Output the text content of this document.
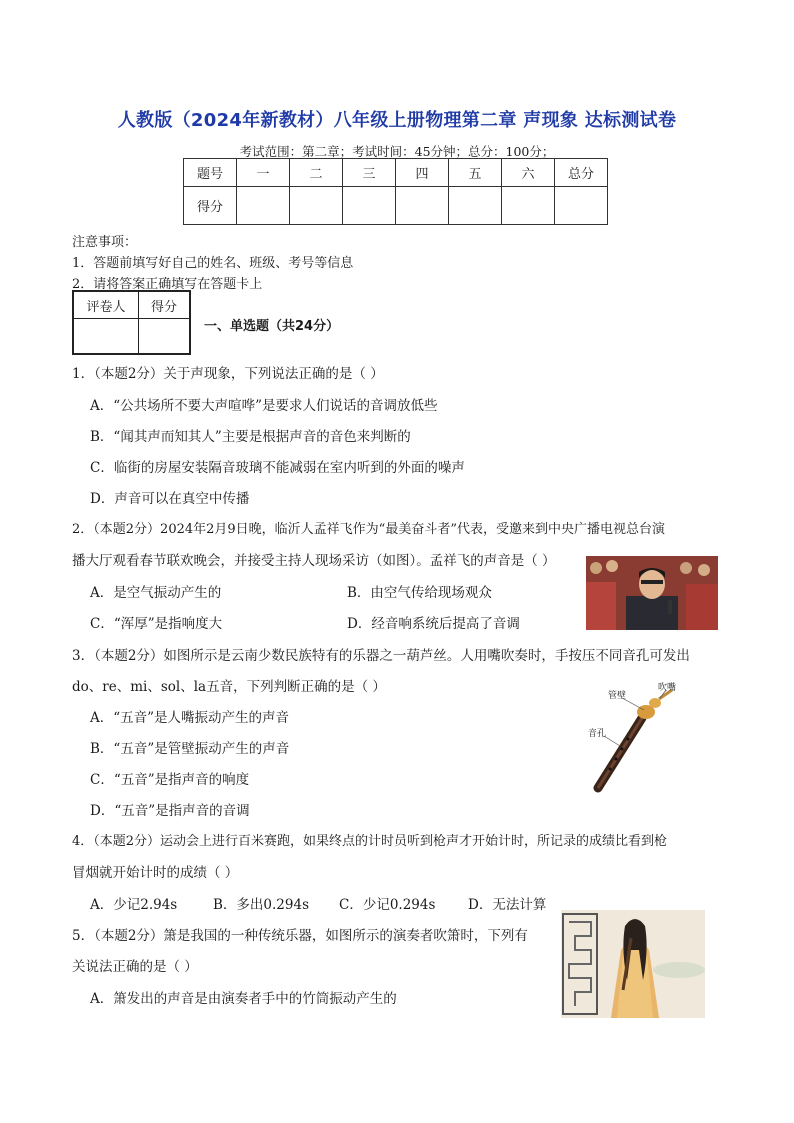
人教版（2024年新教材）八年级上册物理第二章 声现象 达标测试卷
考试范围：第二章；考试时间：45分钟；总分：100分；
题号	一	二	三	四	五	六	总分
得分							
注意事项：
1．答题前填写好自己的姓名、班级、考号等信息
2．请将答案正确填写在答题卡上
评卷人	得分

一、单选题（共24分）
1．（本题2分）关于声现象，下列说法正确的是（ ）
A．“公共场所不要大声喧哗”是要求人们说话的音调放低些
B．“闻其声而知其人”主要是根据声音的音色来判断的
C．临街的房屋安装隔音玻璃不能减弱在室内听到的外面的噪声
D．声音可以在真空中传播
2．（本题2分）2024年2月9日晚，临沂人孟祥飞作为“最美奋斗者”代表，受邀来到中央广播电视总台演
播大厅观看春节联欢晚会，并接受主持人现场采访（如图）。孟祥飞的声音是（ ）
A．是空气振动产生的	B．由空气传给现场观众
C．“浑厚”是指响度大	D．经音响系统后提高了音调
3．（本题2分）如图所示是云南少数民族特有的乐器之一葫芦丝。人用嘴吹奏时，手按压不同音孔可发出
do、re、mi、sol、la五音，下列判断正确的是（ ）
A．“五音”是人嘴振动产生的声音
B．“五音”是管壁振动产生的声音
C．“五音”是指声音的响度
D．“五音”是指声音的音调
管壁
吹嘴
音孔
4．（本题2分）运动会上进行百米赛跑，如果终点的计时员听到枪声才开始计时，所记录的成绩比看到枪
冒烟就开始计时的成绩（ ）
A．少记2.94s	B．多出0.294s C．少记0.294s D．无法计算
5．（本题2分）箫是我国的一种传统乐器，如图所示的演奏者吹箫时，下列有
关说法正确的是（ ）
A．箫发出的声音是由演奏者手中的竹筒振动产生的
